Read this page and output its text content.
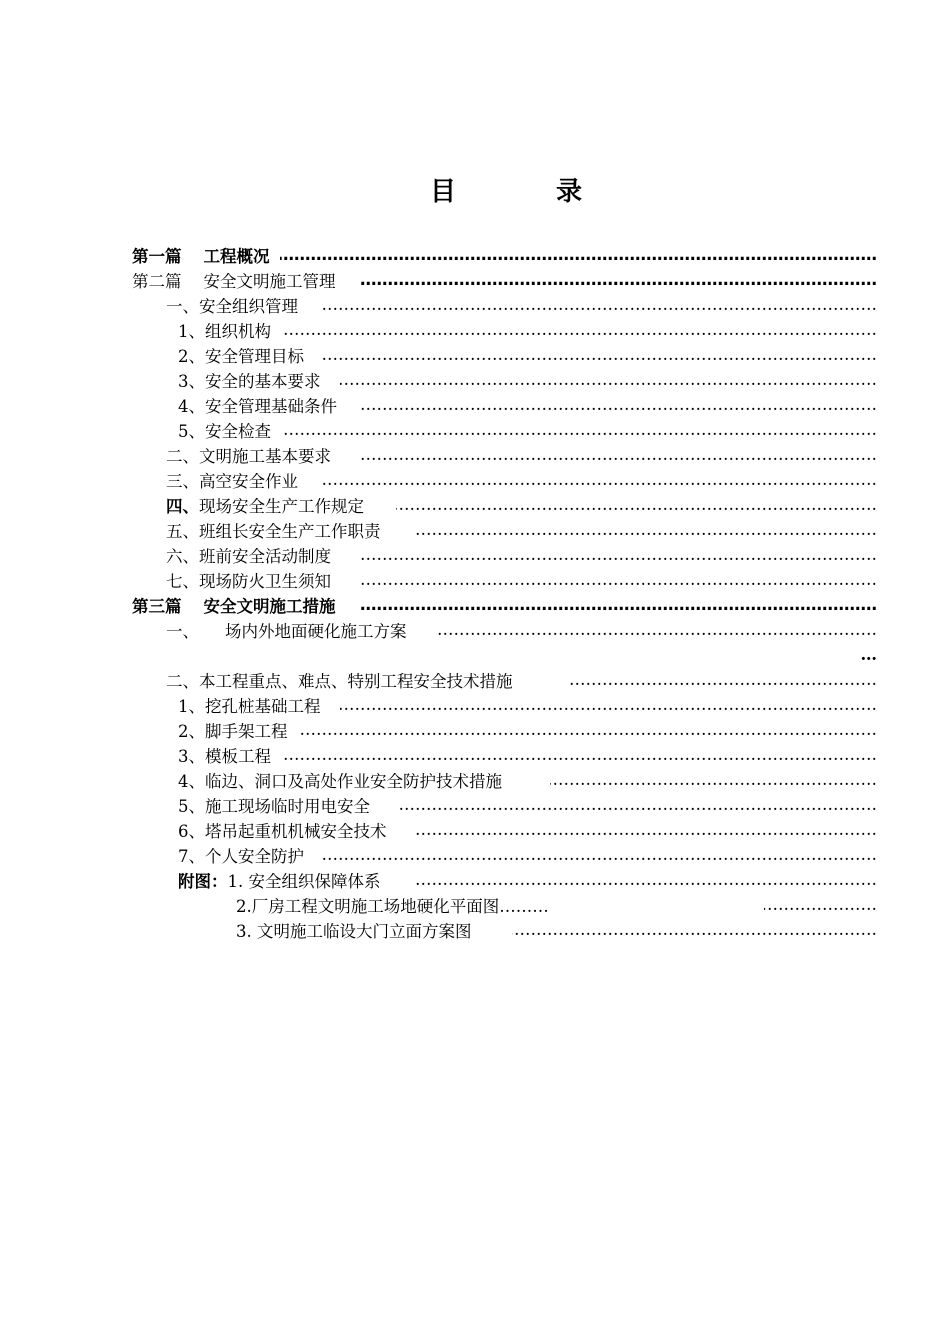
目	录
第一篇 工程概况
………………………………………………………………………………………………………………………………………………………………………………………………………………………………
第二篇 安全文明施工管理
………………………………………………………………………………………………………………………………………………………………………………………………………………………………
一、安全组织管理
………………………………………………………………………………………………………………………………………………………………………………………………………………………………
1、组织机构
………………………………………………………………………………………………………………………………………………………………………………………………………………………………
2、安全管理目标
………………………………………………………………………………………………………………………………………………………………………………………………………………………………
3、安全的基本要求
………………………………………………………………………………………………………………………………………………………………………………………………………………………………
4、安全管理基础条件
………………………………………………………………………………………………………………………………………………………………………………………………………………………………
5、安全检查
………………………………………………………………………………………………………………………………………………………………………………………………………………………………
二、文明施工基本要求
………………………………………………………………………………………………………………………………………………………………………………………………………………………………
三、高空安全作业
………………………………………………………………………………………………………………………………………………………………………………………………………………………………
四、 现场安全生产工作规定
………………………………………………………………………………………………………………………………………………………………………………………………………………………………
五、班组长安全生产工作职责
………………………………………………………………………………………………………………………………………………………………………………………………………………………………
六、班前安全活动制度
………………………………………………………………………………………………………………………………………………………………………………………………………………………………
七、现场防火卫生须知
………………………………………………………………………………………………………………………………………………………………………………………………………………………………
第三篇 安全文明施工措施
………………………………………………………………………………………………………………………………………………………………………………………………………………………………
一、 场内外地面硬化施工方案
………………………………………………………………………………………………………………………………………………………………………………………………………………………………
…
二、本工程重点、难点、特别工程安全技术措施
………………………………………………………………………………………………………………………………………………………………………………………………………………………………
1、挖孔桩基础工程
………………………………………………………………………………………………………………………………………………………………………………………………………………………………
2、脚手架工程
………………………………………………………………………………………………………………………………………………………………………………………………………………………………
3、模板工程
………………………………………………………………………………………………………………………………………………………………………………………………………………………………
4、临边、洞口及高处作业安全防护技术措施
………………………………………………………………………………………………………………………………………………………………………………………………………………………………
5、施工现场临时用电安全
………………………………………………………………………………………………………………………………………………………………………………………………………………………………
6、塔吊起重机机械安全技术
………………………………………………………………………………………………………………………………………………………………………………………………………………………………
7、个人安全防护
………………………………………………………………………………………………………………………………………………………………………………………………………………………………
附图： 1. 安全组织保障体系
………………………………………………………………………………………………………………………………………………………………………………………………………………………………
2.厂房工程文明施工场地硬化平面图………
………………………………………………………………………………………………………………………………………………………………………………………………………………………………
3. 文明施工临设大门立面方案图
………………………………………………………………………………………………………………………………………………………………………………………………………………………………
